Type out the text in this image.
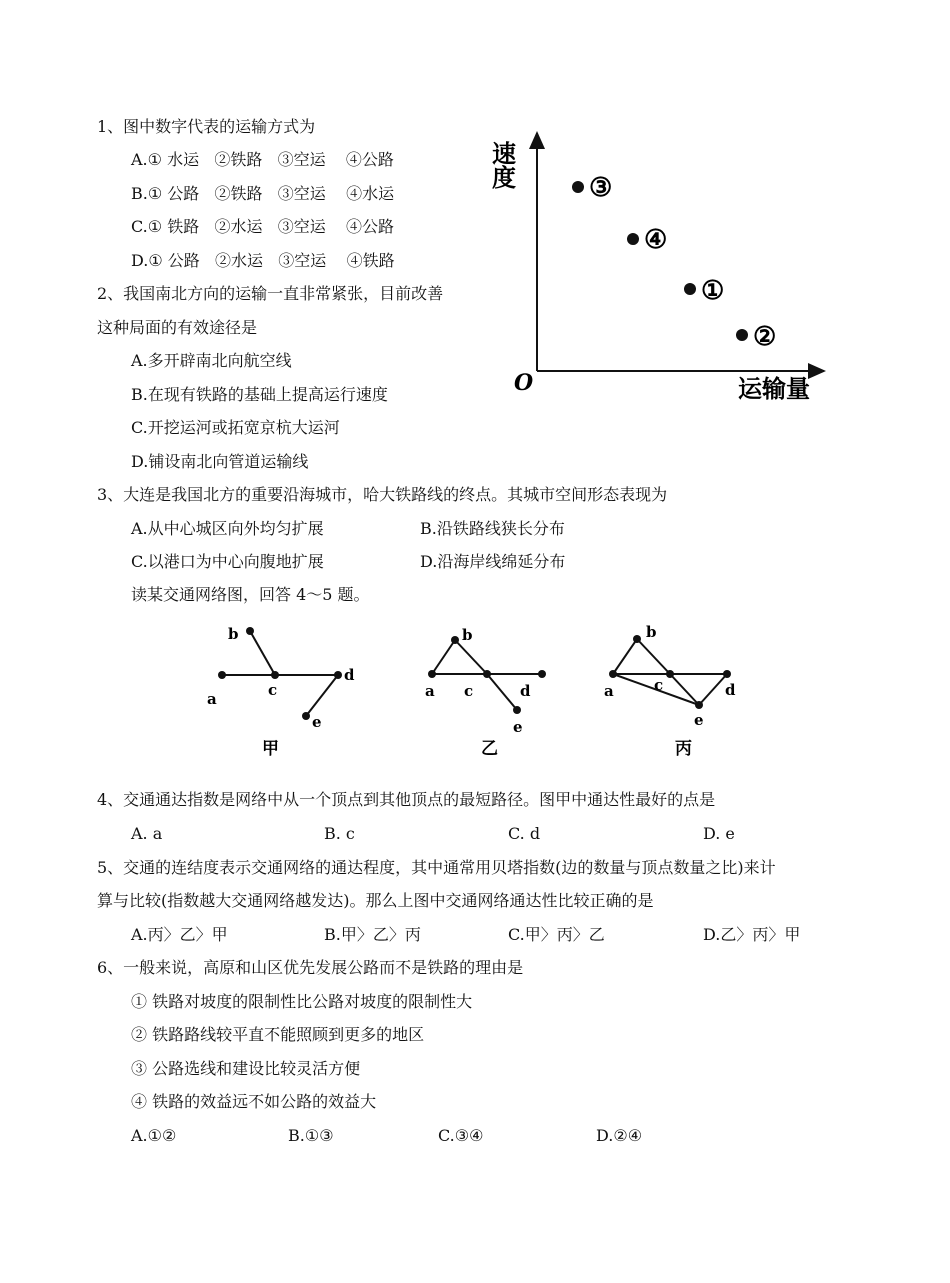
1、图中数字代表的运输方式为
A.① 水运   ②铁路   ③空运    ④公路
B.① 公路   ②铁路   ③空运    ④水运
C.① 铁路   ②水运   ③空运    ④公路
D.① 公路   ②水运   ③空运    ④铁路
速度
运输量
O
③
④
①
②
2、我国南北方向的运输一直非常紧张，目前改善
这种局面的有效途径是
A.多开辟南北向航空线
B.在现有铁路的基础上提高运行速度
C.开挖运河或拓宽京杭大运河
D.铺设南北向管道运输线
3、大连是我国北方的重要沿海城市，哈大铁路线的终点。其城市空间形态表现为
A.从中心城区向外均匀扩展	B.沿铁路线狭长分布
C.以港口为中心向腹地扩展	D.沿海岸线绵延分布
读某交通网络图，回答 4～5 题。
a
b
c
d
e
甲
a
b
c	d
e
乙
a
b
c	d
e
丙
4、交通通达指数是网络中从一个顶点到其他顶点的最短路径。图甲中通达性最好的点是
A. a	B. c	C. d	D. e
5、交通的连结度表示交通网络的通达程度，其中通常用贝塔指数(边的数量与顶点数量之比)来计
算与比较(指数越大交通网络越发达)。那么上图中交通网络通达性比较正确的是
A.丙〉乙〉甲	B.甲〉乙〉丙	C.甲〉丙〉乙	D.乙〉丙〉甲
6、一般来说，高原和山区优先发展公路而不是铁路的理由是
① 铁路对坡度的限制性比公路对坡度的限制性大
② 铁路路线较平直不能照顾到更多的地区
③ 公路选线和建设比较灵活方便
④ 铁路的效益远不如公路的效益大
A.①②	B.①③	C.③④	D.②④
